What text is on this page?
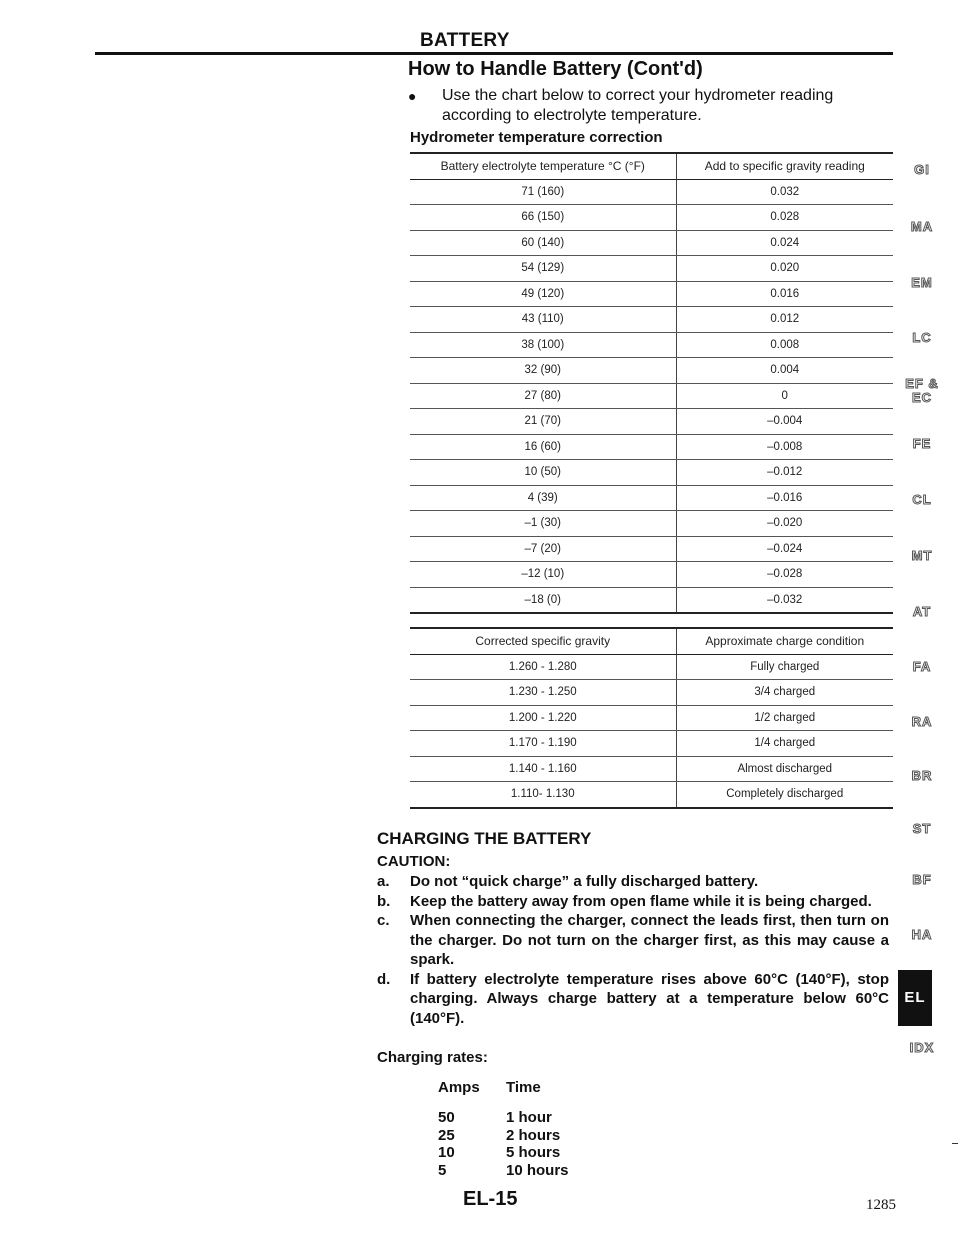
BATTERY
How to Handle Battery (Cont'd)
●	Use the chart below to correct your hydrometer reading according to electrolyte temperature.
Hydrometer temperature correction
Battery electrolyte temperature °C (°F)	Add to specific gravity reading
71 (160)	0.032
66 (150)	0.028
60 (140)	0.024
54 (129)	0.020
49 (120)	0.016
43 (110)	0.012
38 (100)	0.008
32 (90)	0.004
27 (80)	0
21 (70)	–0.004
16 (60)	–0.008
10 (50)	–0.012
4 (39)	–0.016
–1 (30)	–0.020
–7 (20)	–0.024
–12 (10)	–0.028
–18 (0)	–0.032
Corrected specific gravity	Approximate charge condition
1.260 - 1.280	Fully charged
1.230 - 1.250	3/4 charged
1.200 - 1.220	1/2 charged
1.170 - 1.190	1/4 charged
1.140 - 1.160	Almost discharged
1.110- 1.130	Completely discharged
CHARGING THE BATTERY
CAUTION:
a. Do not “quick charge” a fully discharged battery.
b. Keep the battery away from open flame while it is being charged.
c. When connecting the charger, connect the leads first, then turn on the charger. Do not turn on the charger first, as this may cause a spark.
d. If battery electrolyte temperature rises above 60°C (140°F), stop charging. Always charge battery at a temperature below 60°C (140°F).
Charging rates:
Amps	Time
50	1 hour
25	2 hours
10	5 hours
5	10 hours
EL-15	1285
GI
MA
EM
LC
EF &
EC
FE
CL
MT
AT
FA
RA
BR
ST
BF
HA
EL
IDX
